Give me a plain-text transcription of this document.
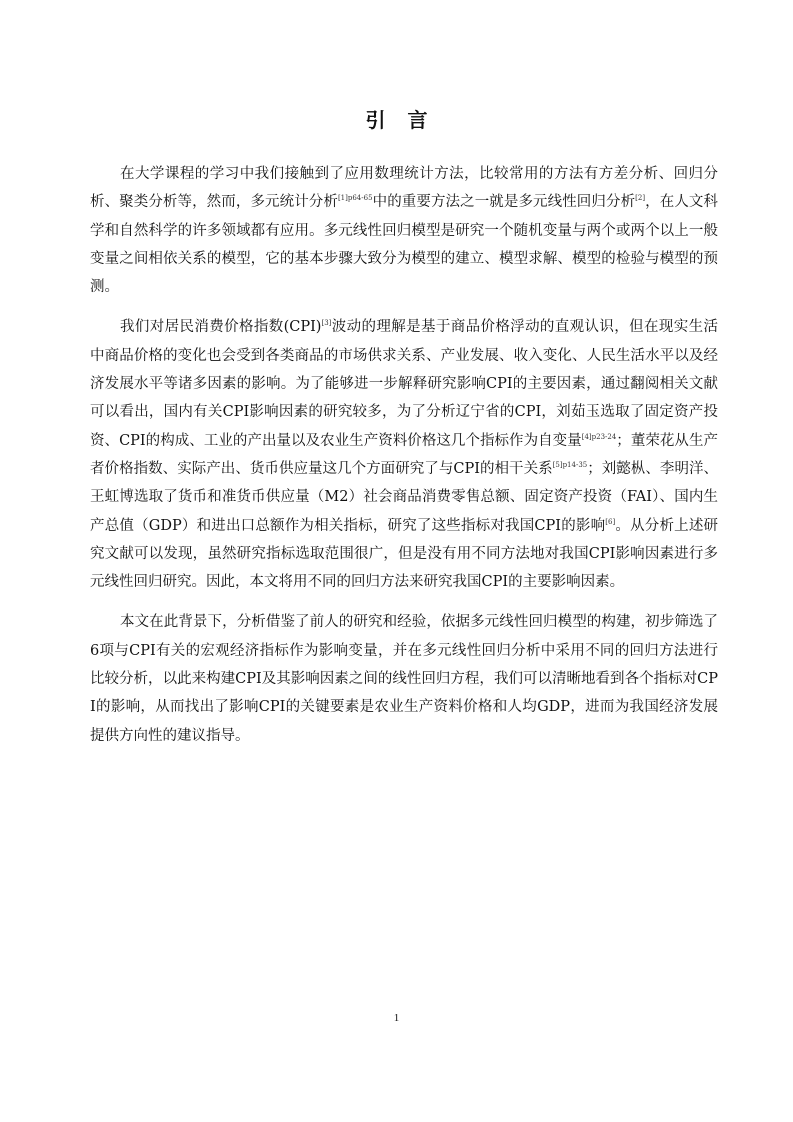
引言

在大学课程的学习中我们接触到了应用数理统计方法，比较常用的方法有方差分析、回归分析、聚类分析等，然而，多元统计分析$^{[1]p64-65}$中的重要方法之一就是多元线性回归分析[2]，在人文科学和自然科学的许多领域都有应用。多元线性回归模型是研究一个随机变量与两个或两个以上一般变量之间相依关系的模型，它的基本步骤大致分为模型的建立、模型求解、模型的检验与模型的预测。

我们对居民消费价格指数(CPI)[3]波动的理解是基于商品价格浮动的直观认识，但在现实生活中商品价格的变化也会受到各类商品的市场供求关系、产业发展、收入变化、人民生活水平以及经济发展水平等诸多因素的影响。为了能够进一步解释研究影响CPI的主要因素，通过翻阅相关文献可以看出，国内有关CPI影响因素的研究较多，为了分析辽宁省的CPI，刘茹玉选取了固定资产投资、CPI的构成、工业的产出量以及农业生产资料价格这几个指标作为自变量$^{[4]p23-24}$；董荣花从生产者价格指数、实际产出、货币供应量这几个方面研究了与CPI的相干关系$^{[5]p14-35}$；刘懿枞、李明洋、王虹博选取了货币和准货币供应量（M2）社会商品消费零售总额、固定资产投资（FAI）、国内生产总值（GDP）和进出口总额作为相关指标，研究了这些指标对我国CPI的影响[6]。从分析上述研究文献可以发现，虽然研究指标选取范围很广，但是没有用不同方法地对我国CPI影响因素进行多元线性回归研究。因此，本文将用不同的回归方法来研究我国CPI的主要影响因素。

本文在此背景下，分析借鉴了前人的研究和经验，依据多元线性回归模型的构建，初步筛选了6项与CPI有关的宏观经济指标作为影响变量，并在多元线性回归分析中采用不同的回归方法进行比较分析，以此来构建CPI及其影响因素之间的线性回归方程，我们可以清晰地看到各个指标对CPI的影响，从而找出了影响CPI的关键要素是农业生产资料价格和人均GDP，进而为我国经济发展提供方向性的建议指导。

1
